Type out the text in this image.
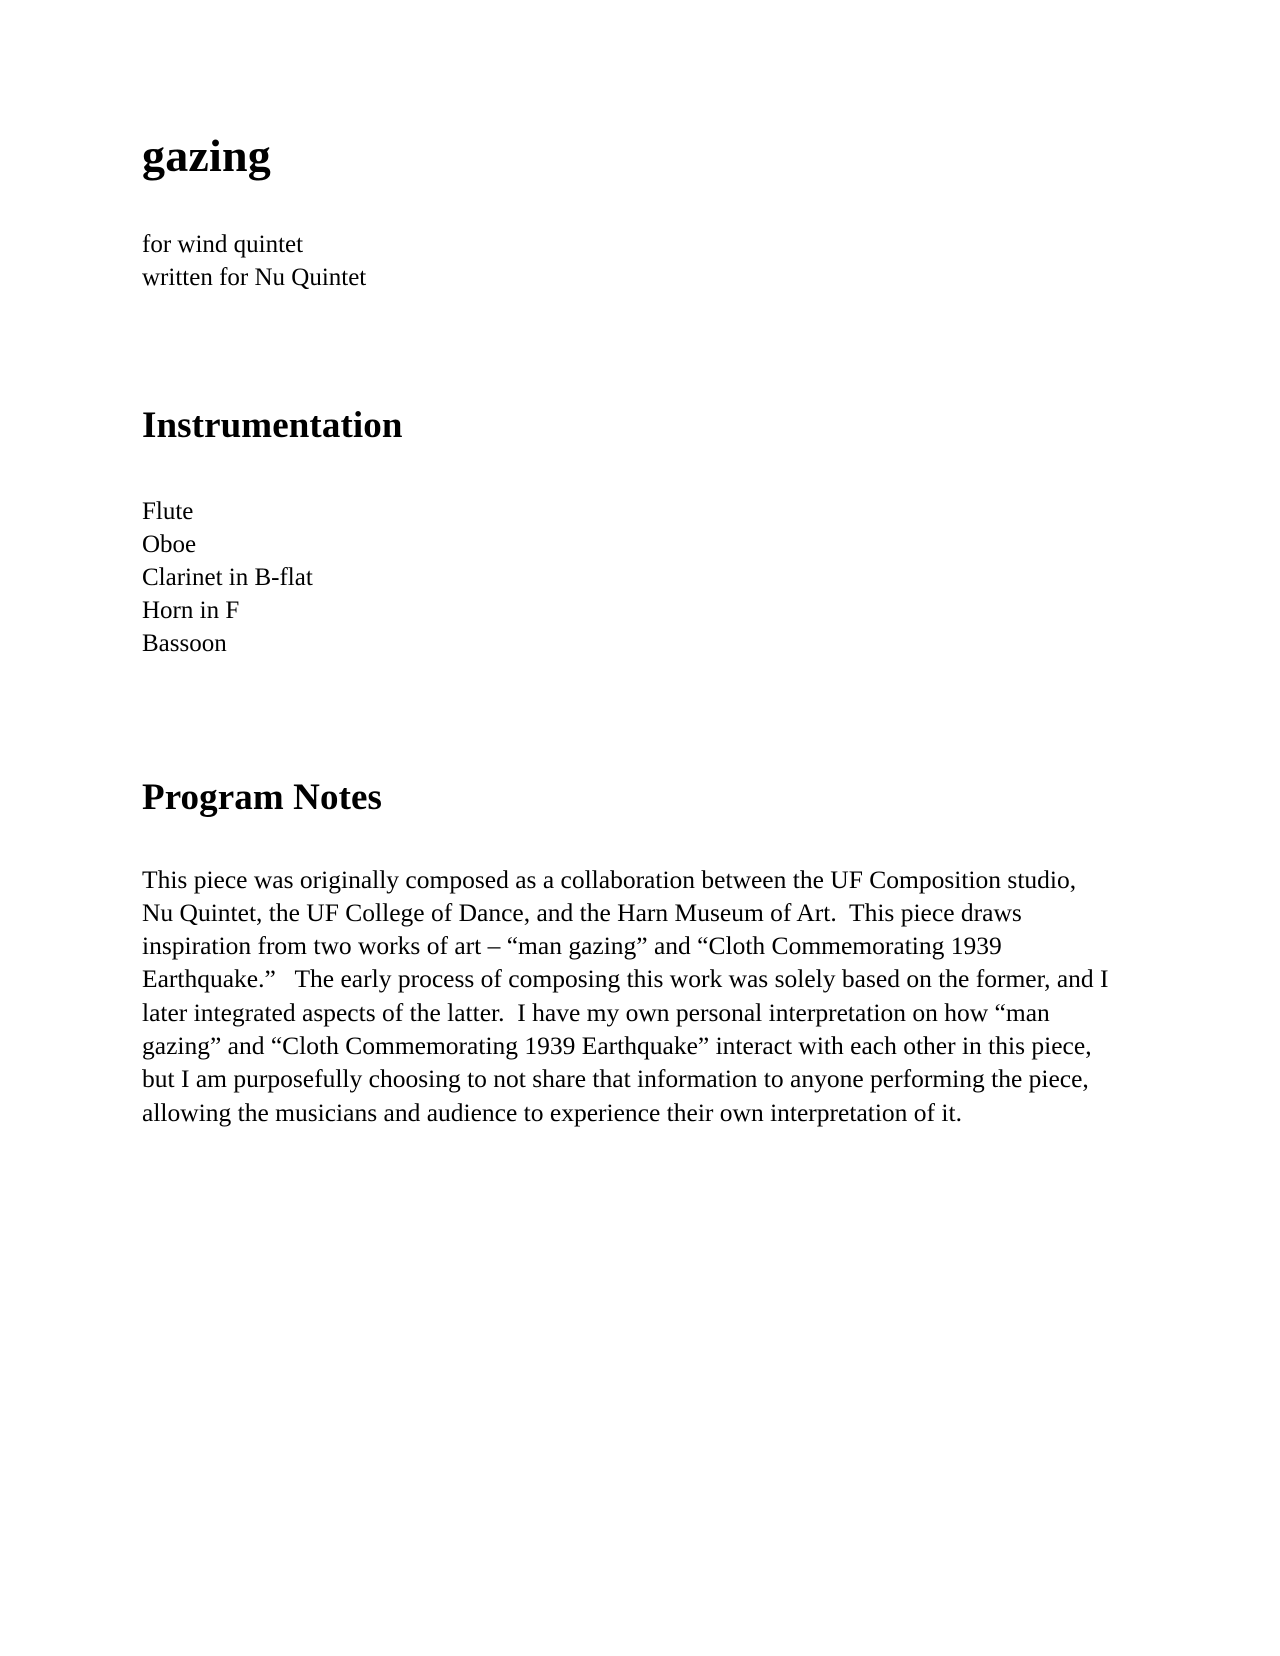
gazing
for wind quintet
written for Nu Quintet
Instrumentation
Flute
Oboe
Clarinet in B-flat
Horn in F
Bassoon
Program Notes

This piece was originally composed as a collaboration between the UF Composition studio, Nu Quintet, the UF College of Dance, and the Harn Museum of Art.  This piece draws inspiration from two works of art – “man gazing” and “Cloth Commemorating 1939 Earthquake.”   The early process of composing this work was solely based on the former, and I later integrated aspects of the latter.  I have my own personal interpretation on how “man gazing” and “Cloth Commemorating 1939 Earthquake” interact with each other in this piece, but I am purposefully choosing to not share that information to anyone performing the piece, allowing the musicians and audience to experience their own interpretation of it.
